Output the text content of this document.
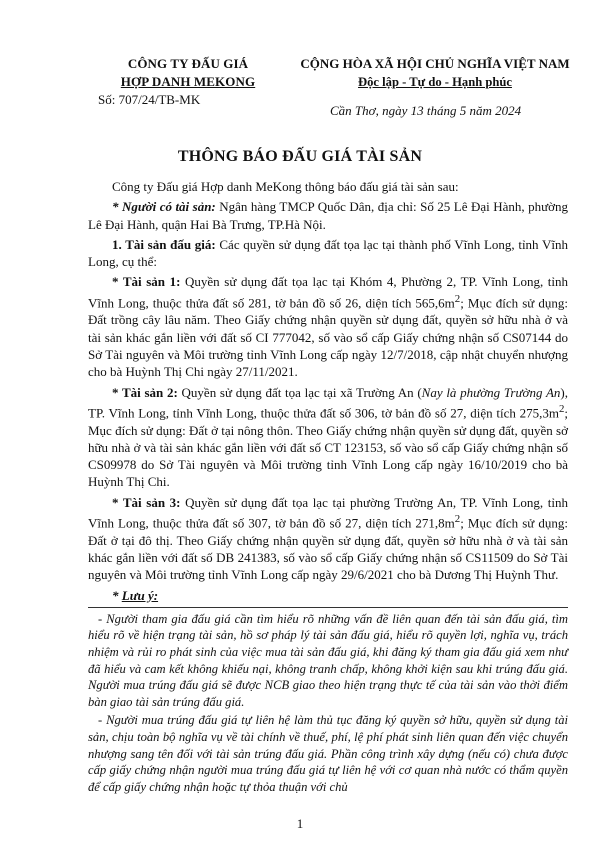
CÔNG TY ĐẤU GIÁ
HỢP DANH MEKONG
Số: 707/24/TB-MK
CỘNG HÒA XÃ HỘI CHỦ NGHĨA VIỆT NAM
Độc lập - Tự do - Hạnh phúc
Cần Thơ, ngày 13 tháng 5 năm 2024
THÔNG BÁO ĐẤU GIÁ TÀI SẢN

Công ty Đấu giá Hợp danh MeKong thông báo đấu giá tài sản sau:

* Người có tài sản: Ngân hàng TMCP Quốc Dân, địa chỉ: Số 25 Lê Đại Hành, phường Lê Đại Hành, quận Hai Bà Trưng, TP.Hà Nội.

1. Tài sản đấu giá: Các quyền sử dụng đất tọa lạc tại thành phố Vĩnh Long, tỉnh Vĩnh Long, cụ thể:

* Tài sản 1: Quyền sử dụng đất tọa lạc tại Khóm 4, Phường 2, TP. Vĩnh Long, tỉnh Vĩnh Long, thuộc thửa đất số 281, tờ bản đồ số 26, diện tích $565,6m^2$; Mục đích sử dụng: Đất trồng cây lâu năm. Theo Giấy chứng nhận quyền sử dụng đất, quyền sở hữu nhà ở và tài sản khác gắn liền với đất số CI 777042, số vào sổ cấp Giấy chứng nhận số CS07144 do Sở Tài nguyên và Môi trường tỉnh Vĩnh Long cấp ngày 12/7/2018, cập nhật chuyển nhượng cho bà Huỳnh Thị Chi ngày 27/11/2021.

* Tài sản 2: Quyền sử dụng đất tọa lạc tại xã Trường An (Nay là phường Trường An), TP. Vĩnh Long, tỉnh Vĩnh Long, thuộc thửa đất số 306, tờ bản đồ số 27, diện tích $275,3m^2$; Mục đích sử dụng: Đất ở tại nông thôn. Theo Giấy chứng nhận quyền sử dụng đất, quyền sở hữu nhà ở và tài sản khác gắn liền với đất số CT 123153, số vào sổ cấp Giấy chứng nhận số CS09978 do Sở Tài nguyên và Môi trường tỉnh Vĩnh Long cấp ngày 16/10/2019 cho bà Huỳnh Thị Chi.

* Tài sản 3: Quyền sử dụng đất tọa lạc tại phường Trường An, TP. Vĩnh Long, tỉnh Vĩnh Long, thuộc thửa đất số 307, tờ bản đồ số 27, diện tích $271,8m^2$; Mục đích sử dụng: Đất ở tại đô thị. Theo Giấy chứng nhận quyền sử dụng đất, quyền sở hữu nhà ở và tài sản khác gắn liền với đất số DB 241383, số vào sổ cấp Giấy chứng nhận số CS11509 do Sở Tài nguyên và Môi trường tỉnh Vĩnh Long cấp ngày 29/6/2021 cho bà Dương Thị Huỳnh Thư.

* Lưu ý:

- Người tham gia đấu giá cần tìm hiểu rõ những vấn đề liên quan đến tài sản đấu giá, tìm hiểu rõ về hiện trạng tài sản, hồ sơ pháp lý tài sản đấu giá, hiểu rõ quyền lợi, nghĩa vụ, trách nhiệm và rủi ro phát sinh của việc mua tài sản đấu giá, khi đăng ký tham gia đấu giá xem như đã hiểu và cam kết không khiếu nại, không tranh chấp, không khởi kiện sau khi trúng đấu giá. Người mua trúng đấu giá sẽ được NCB giao theo hiện trạng thực tế của tài sản vào thời điểm bàn giao tài sản trúng đấu giá.

- Người mua trúng đấu giá tự liên hệ làm thủ tục đăng ký quyền sở hữu, quyền sử dụng tài sản, chịu toàn bộ nghĩa vụ về tài chính về thuế, phí, lệ phí phát sinh liên quan đến việc chuyển nhượng sang tên đối với tài sản trúng đấu giá. Phần công trình xây dựng (nếu có) chưa được cấp giấy chứng nhận người mua trúng đấu giá tự liên hệ với cơ quan nhà nước có thẩm quyền để cấp giấy chứng nhận hoặc tự thỏa thuận với chủ

1
